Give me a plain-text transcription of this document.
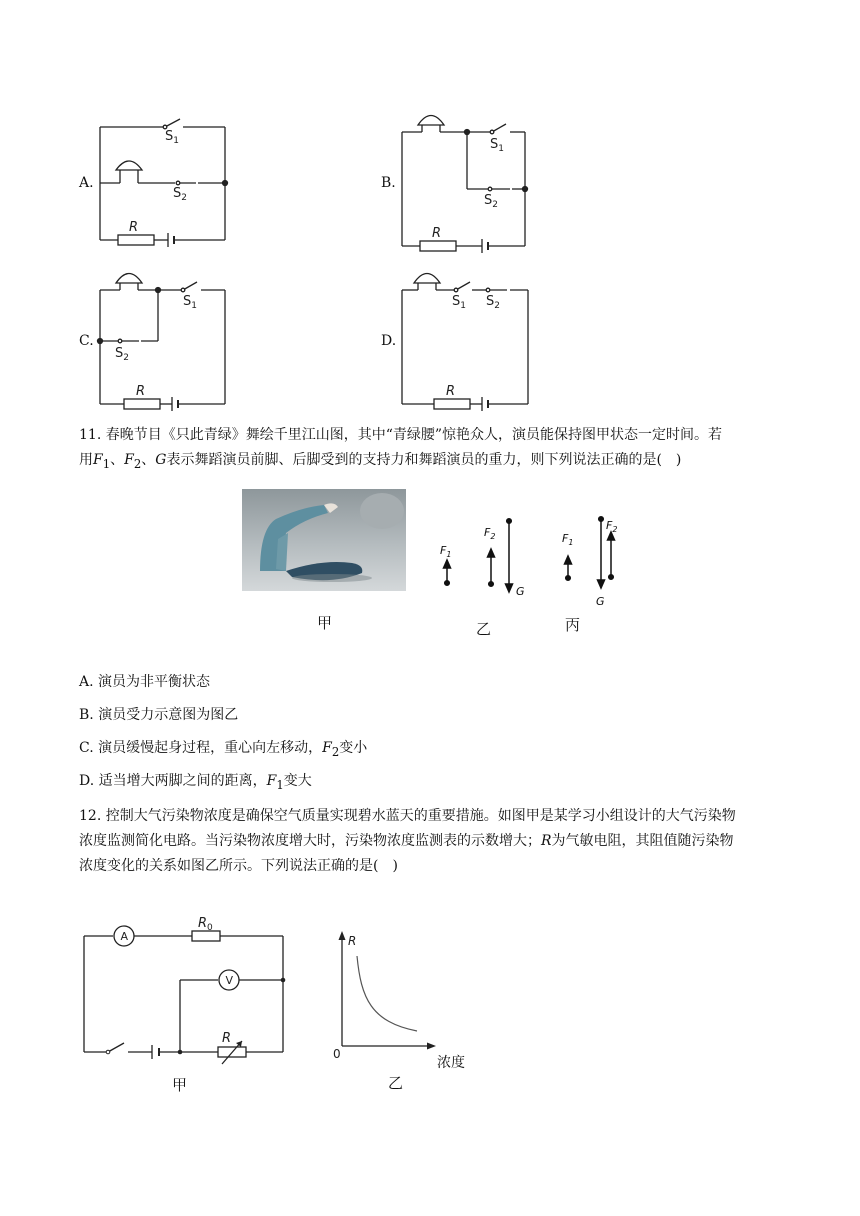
A.
$S_1$
$S_2$
R
$S_1$
$S_2$
R
$S_1$
$S_2$
R
$S_1$ $S_2$
R
B.
C.	D.
11. 春晚节目《只此青绿》舞绘千里江山图，其中“青绿腰”惊艳众人，演员能保持图甲状态一定时间。若
用$F_1$、$F_2$、G表示舞蹈演员前脚、后脚受到的支持力和舞蹈演员的重力，则下列说法正确的是(　)
甲
$F_1$
$F_2$
G
$F_1$
$F_2$
G
乙	丙
A. 演员为非平衡状态
B. 演员受力示意图为图乙
C. 演员缓慢起身过程，重心向左移动，$F_2$变小
D. 适当增大两脚之间的距离，$F_1$变大
12. 控制大气污染物浓度是确保空气质量实现碧水蓝天的重要措施。如图甲是某学习小组设计的大气污染物
浓度监测简化电路。当污染物浓度增大时，污染物浓度监测表的示数增大；R为气敏电阻，其阻值随污染物
浓度变化的关系如图乙所示。下列说法正确的是(　)
A
V
$R_0$
R
甲
R
0
浓度
乙
